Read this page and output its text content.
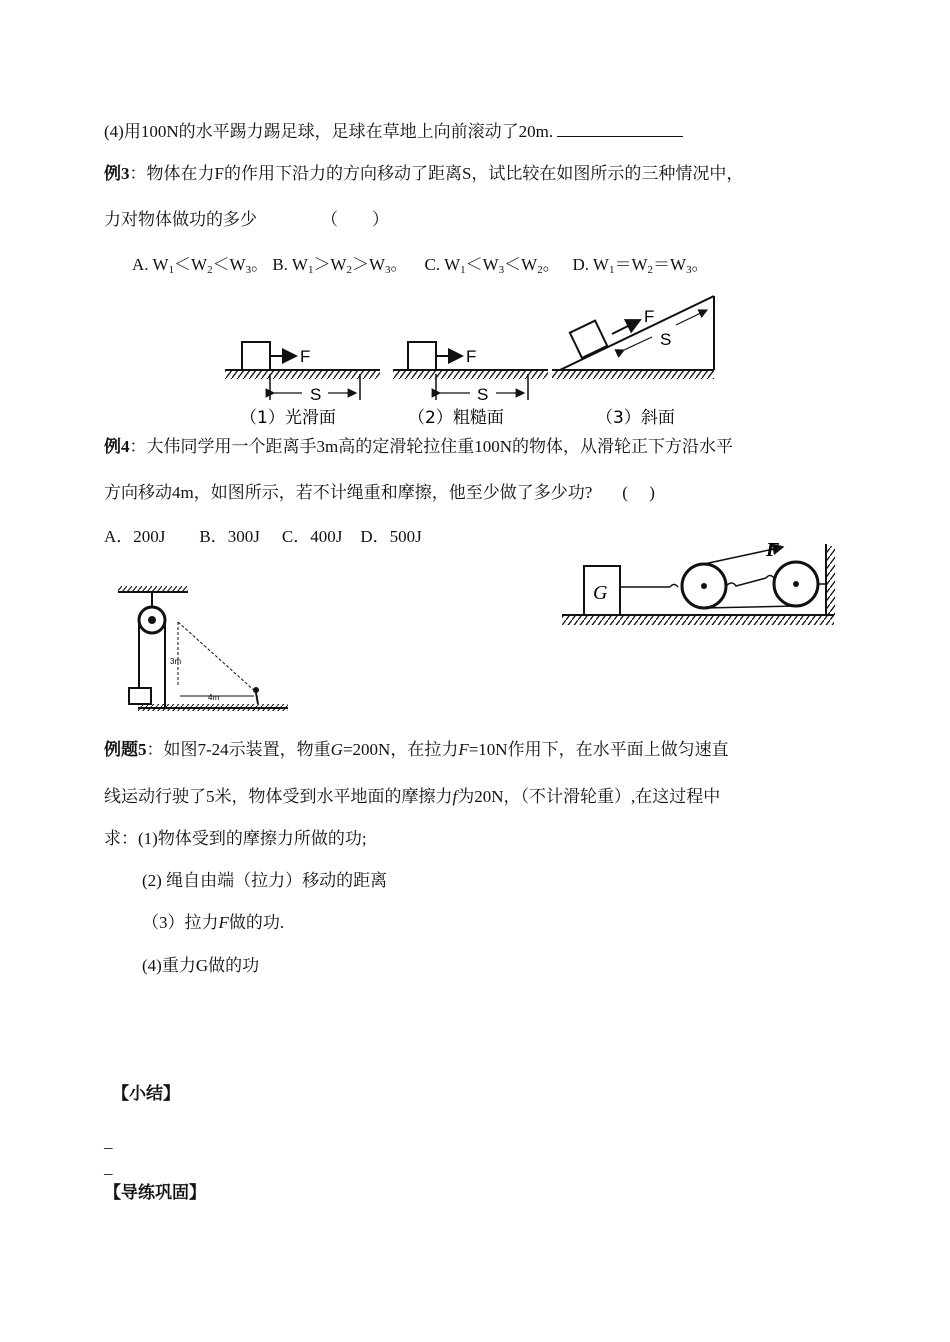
(4)用100N的水平踢力踢足球，足球在草地上向前滚动了20m.
例3：物体在力F的作用下沿力的方向移动了距离S，试比较在如图所示的三种情况中，
力对物体做功的多少	（　　）
A. $W_1<W_2<W_3$。 B. $W_1>W_2>W_3$。 C. $W_1<W_3<W_2$。 D. $W_1=W_2=W_3$。
F
S
（1）光滑面
F
S
（2）粗糙面
F
S
（3）斜面
例4：大伟同学用一个距离手3m高的定滑轮拉住重100N的物体，从滑轮正下方沿水平
方向移动4m，如图所示，若不计绳重和摩擦，他至少做了多少功? (　 )
A．200J B．300J C．400J D．500J
3m
4m
G
F
例题5：如图7-24示装置，物重G=200N，在拉力F=10N作用下，在水平面上做匀速直
线运动行驶了5米，物体受到水平地面的摩擦力f为20N，（不计滑轮重）,在这过程中
求：(1)物体受到的摩擦力所做的功;
(2) 绳自由端（拉力）移动的距离
（3）拉力F做的功.
(4)重力G做的功
【小结】
_
_
【导练巩固】
